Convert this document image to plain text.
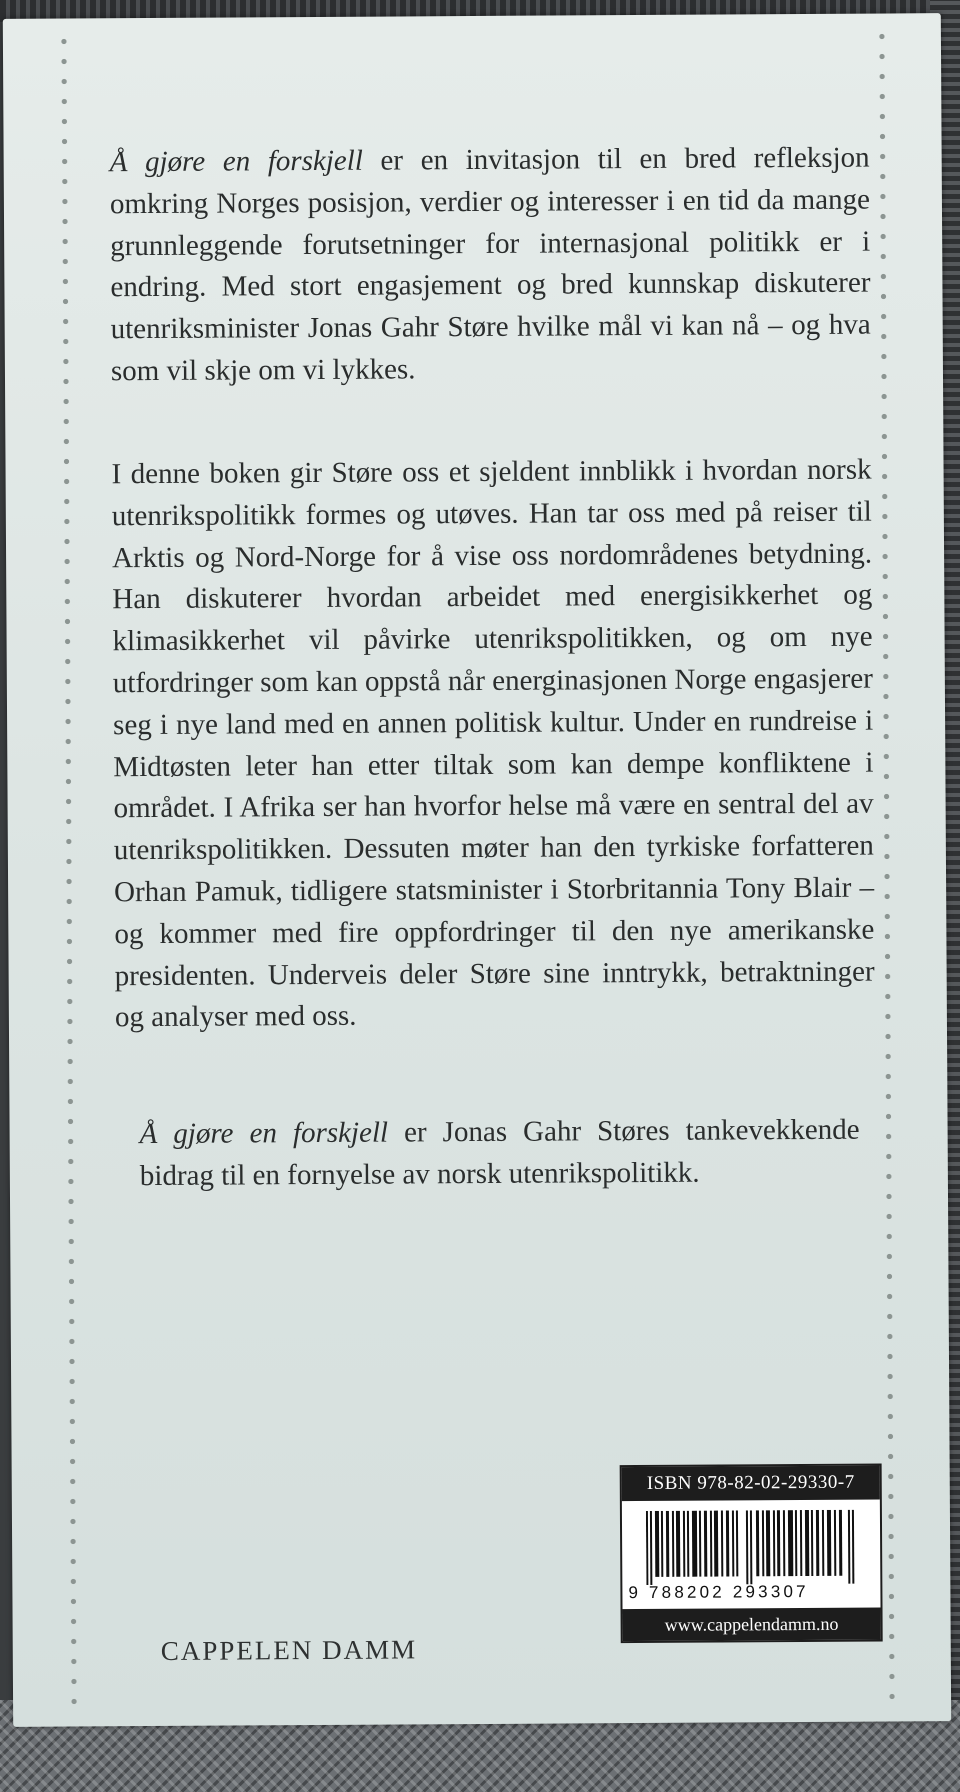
Å gjøre en forskjell er en invitasjon til en bred refleksjon omkring Norges posisjon, verdier og interesser i en tid da mange grunnleggende forutsetninger for internasjonal politikk er i endring. Med stort engasjement og bred kunnskap diskuterer utenriksminister Jonas Gahr Støre hvilke mål vi kan nå – og hva som vil skje om vi lykkes.

I denne boken gir Støre oss et sjeldent innblikk i hvordan norsk utenrikspolitikk formes og utøves. Han tar oss med på reiser til Arktis og Nord-Norge for å vise oss nordområdenes betydning. Han diskuterer hvordan arbeidet med energisikkerhet og klimasikkerhet vil påvirke utenrikspolitikken, og om nye utfordringer som kan oppstå når energinasjonen Norge engasjerer seg i nye land med en annen politisk kultur. Under en rundreise i Midtøsten leter han etter tiltak som kan dempe konfliktene i området. I Afrika ser han hvorfor helse må være en sentral del av utenrikspolitikken. Dessuten møter han den tyrkiske forfatteren Orhan Pamuk, tidligere statsminister i Storbritannia Tony Blair – og kommer med fire oppfordringer til den nye amerikanske presidenten. Underveis deler Støre sine inntrykk, betraktninger og analyser med oss.

Å gjøre en forskjell er Jonas Gahr Støres tankevekkende bidrag til en fornyelse av norsk utenrikspolitikk.

ISBN 978-82-02-29330-7
9 788202 293307
www.cappelendamm.no
CAPPELEN DAMM
